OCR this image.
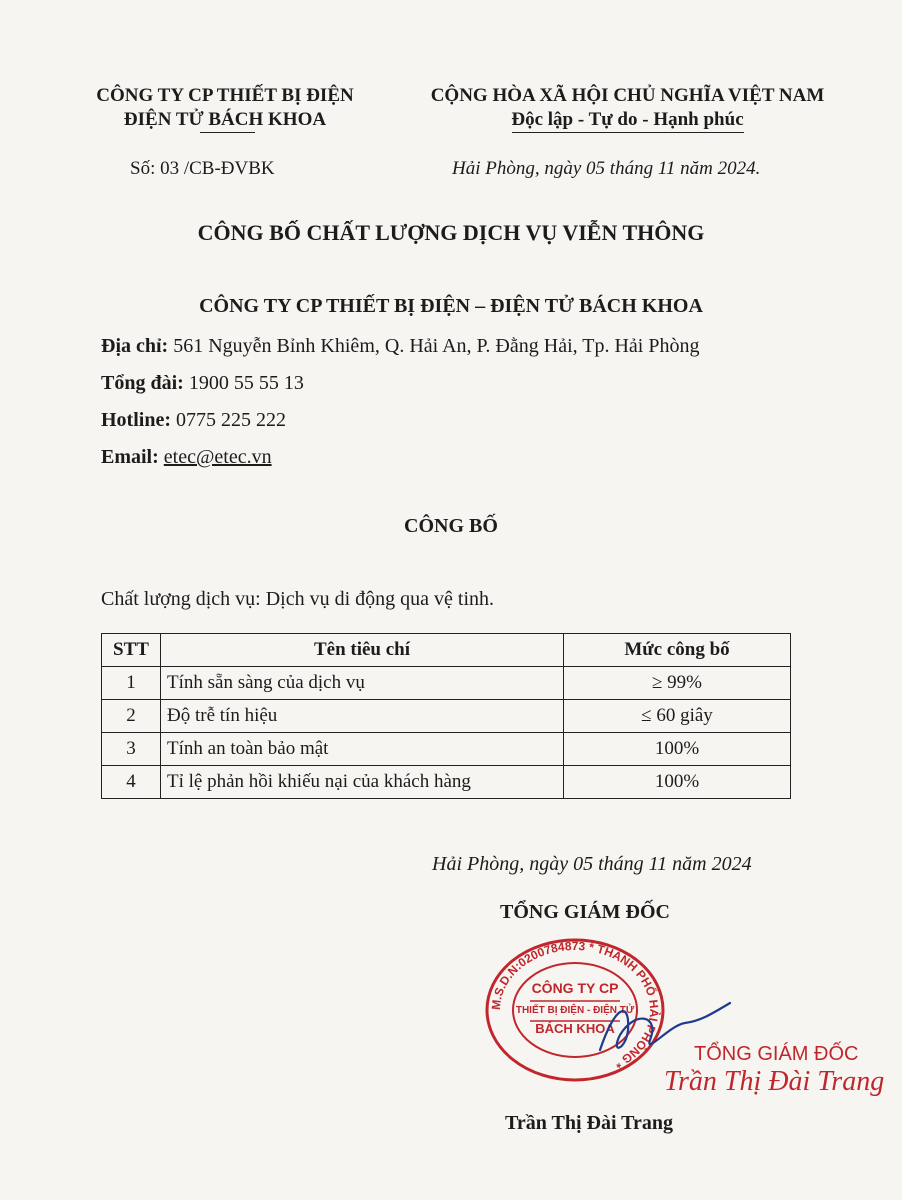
CÔNG TY CP THIẾT BỊ ĐIỆN
ĐIỆN TỬ BÁCH KHOA
Số: 03 /CB-ĐVBK
CỘNG HÒA XÃ HỘI CHỦ NGHĨA VIỆT NAM
Độc lập - Tự do - Hạnh phúc
Hải Phòng, ngày 05 tháng 11 năm 2024.
CÔNG BỐ CHẤT LƯỢNG DỊCH VỤ VIỄN THÔNG
CÔNG TY CP THIẾT BỊ ĐIỆN – ĐIỆN TỬ BÁCH KHOA
Địa chỉ: 561 Nguyễn Bỉnh Khiêm, Q. Hải An, P. Đằng Hải, Tp. Hải Phòng
Tổng đài: 1900 55 55 13
Hotline: 0775 225 222
Email: etec@etec.vn
CÔNG BỐ
Chất lượng dịch vụ: Dịch vụ di động qua vệ tinh.
STT	Tên tiêu chí	Mức công bố
1	Tính sẵn sàng của dịch vụ	≥ 99%
2	Độ trễ tín hiệu	≤ 60 giây
3	Tính an toàn bảo mật	100%
4	Tỉ lệ phản hồi khiếu nại của khách hàng	100%
Hải Phòng, ngày 05 tháng 11 năm 2024
TỔNG GIÁM ĐỐC
M.S.D.N:0200784873 * THÀNH PHỐ HẢI PHÒNG *
CÔNG TY CP
THIẾT BỊ ĐIỆN - ĐIỆN TỬ
BÁCH KHOA
TỔNG GIÁM ĐỐC
Trần Thị Đài Trang
Trần Thị Đài Trang
